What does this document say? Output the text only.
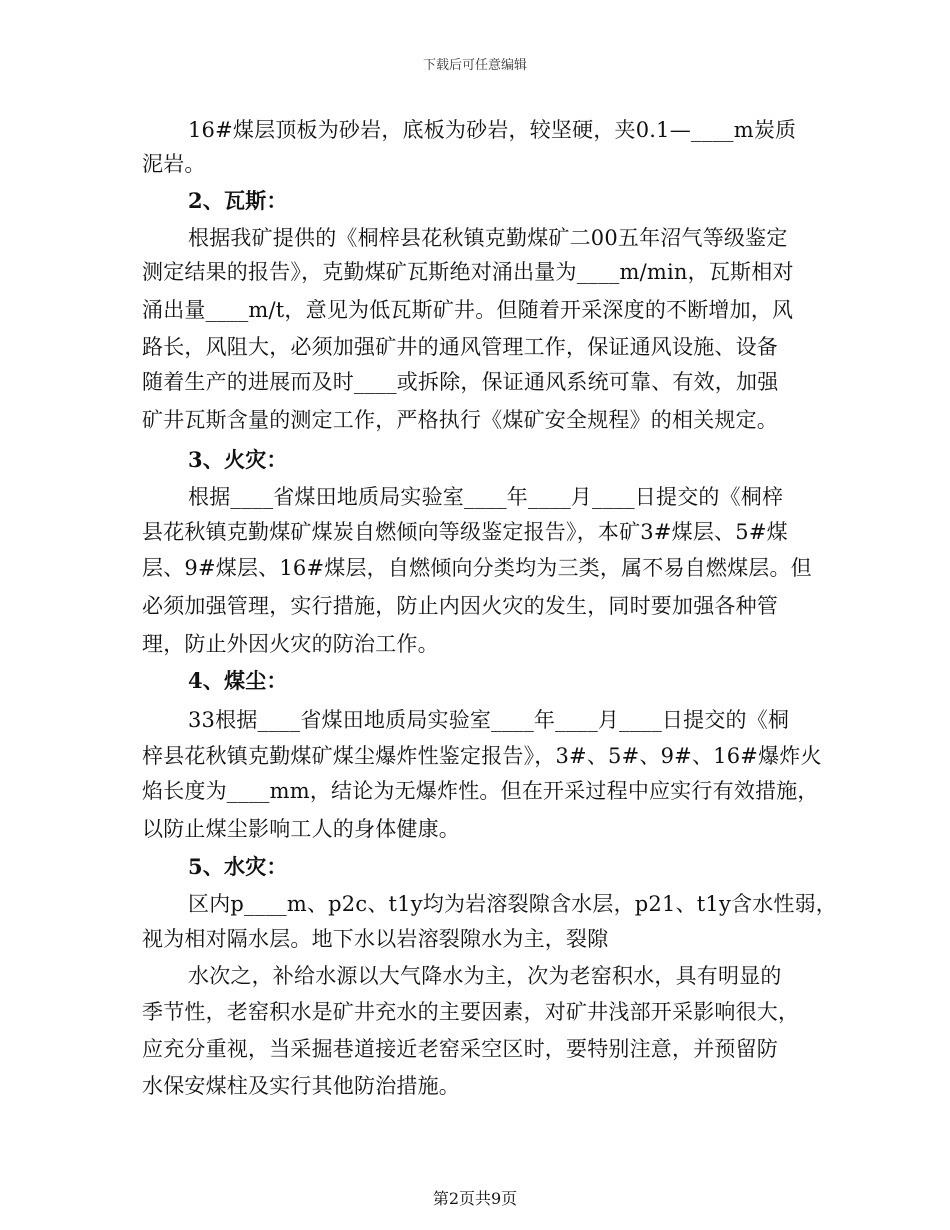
下载后可任意编辑
16#煤层顶板为砂岩，底板为砂岩，较坚硬，夹0.1—____m炭质
泥岩。
2、瓦斯：
根据我矿提供的《桐梓县花秋镇克勤煤矿二00五年沼气等级鉴定
测定结果的报告》，克勤煤矿瓦斯绝对涌出量为____m/min，瓦斯相对
涌出量____m/t，意见为低瓦斯矿井。但随着开采深度的不断增加，风
路长，风阻大，必须加强矿井的通风管理工作，保证通风设施、设备
随着生产的进展而及时____或拆除，保证通风系统可靠、有效，加强
矿井瓦斯含量的测定工作，严格执行《煤矿安全规程》的相关规定。
3、火灾：
根据____省煤田地质局实验室____年____月____日提交的《桐梓
县花秋镇克勤煤矿煤炭自燃倾向等级鉴定报告》，本矿3#煤层、5#煤
层、9#煤层、16#煤层，自燃倾向分类均为三类，属不易自燃煤层。但
必须加强管理，实行措施，防止内因火灾的发生，同时要加强各种管
理，防止外因火灾的防治工作。
4、煤尘：
33根据____省煤田地质局实验室____年____月____日提交的《桐
梓县花秋镇克勤煤矿煤尘爆炸性鉴定报告》，3#、5#、9#、16#爆炸火
焰长度为____mm，结论为无爆炸性。但在开采过程中应实行有效措施，
以防止煤尘影响工人的身体健康。
5、水灾：
区内p____m、p2c、t1y均为岩溶裂隙含水层，p21、t1y含水性弱，
视为相对隔水层。地下水以岩溶裂隙水为主，裂隙
水次之，补给水源以大气降水为主，次为老窑积水，具有明显的
季节性，老窑积水是矿井充水的主要因素，对矿井浅部开采影响很大，
应充分重视，当采掘巷道接近老窑采空区时，要特别注意，并预留防
水保安煤柱及实行其他防治措施。
第2页共9页
